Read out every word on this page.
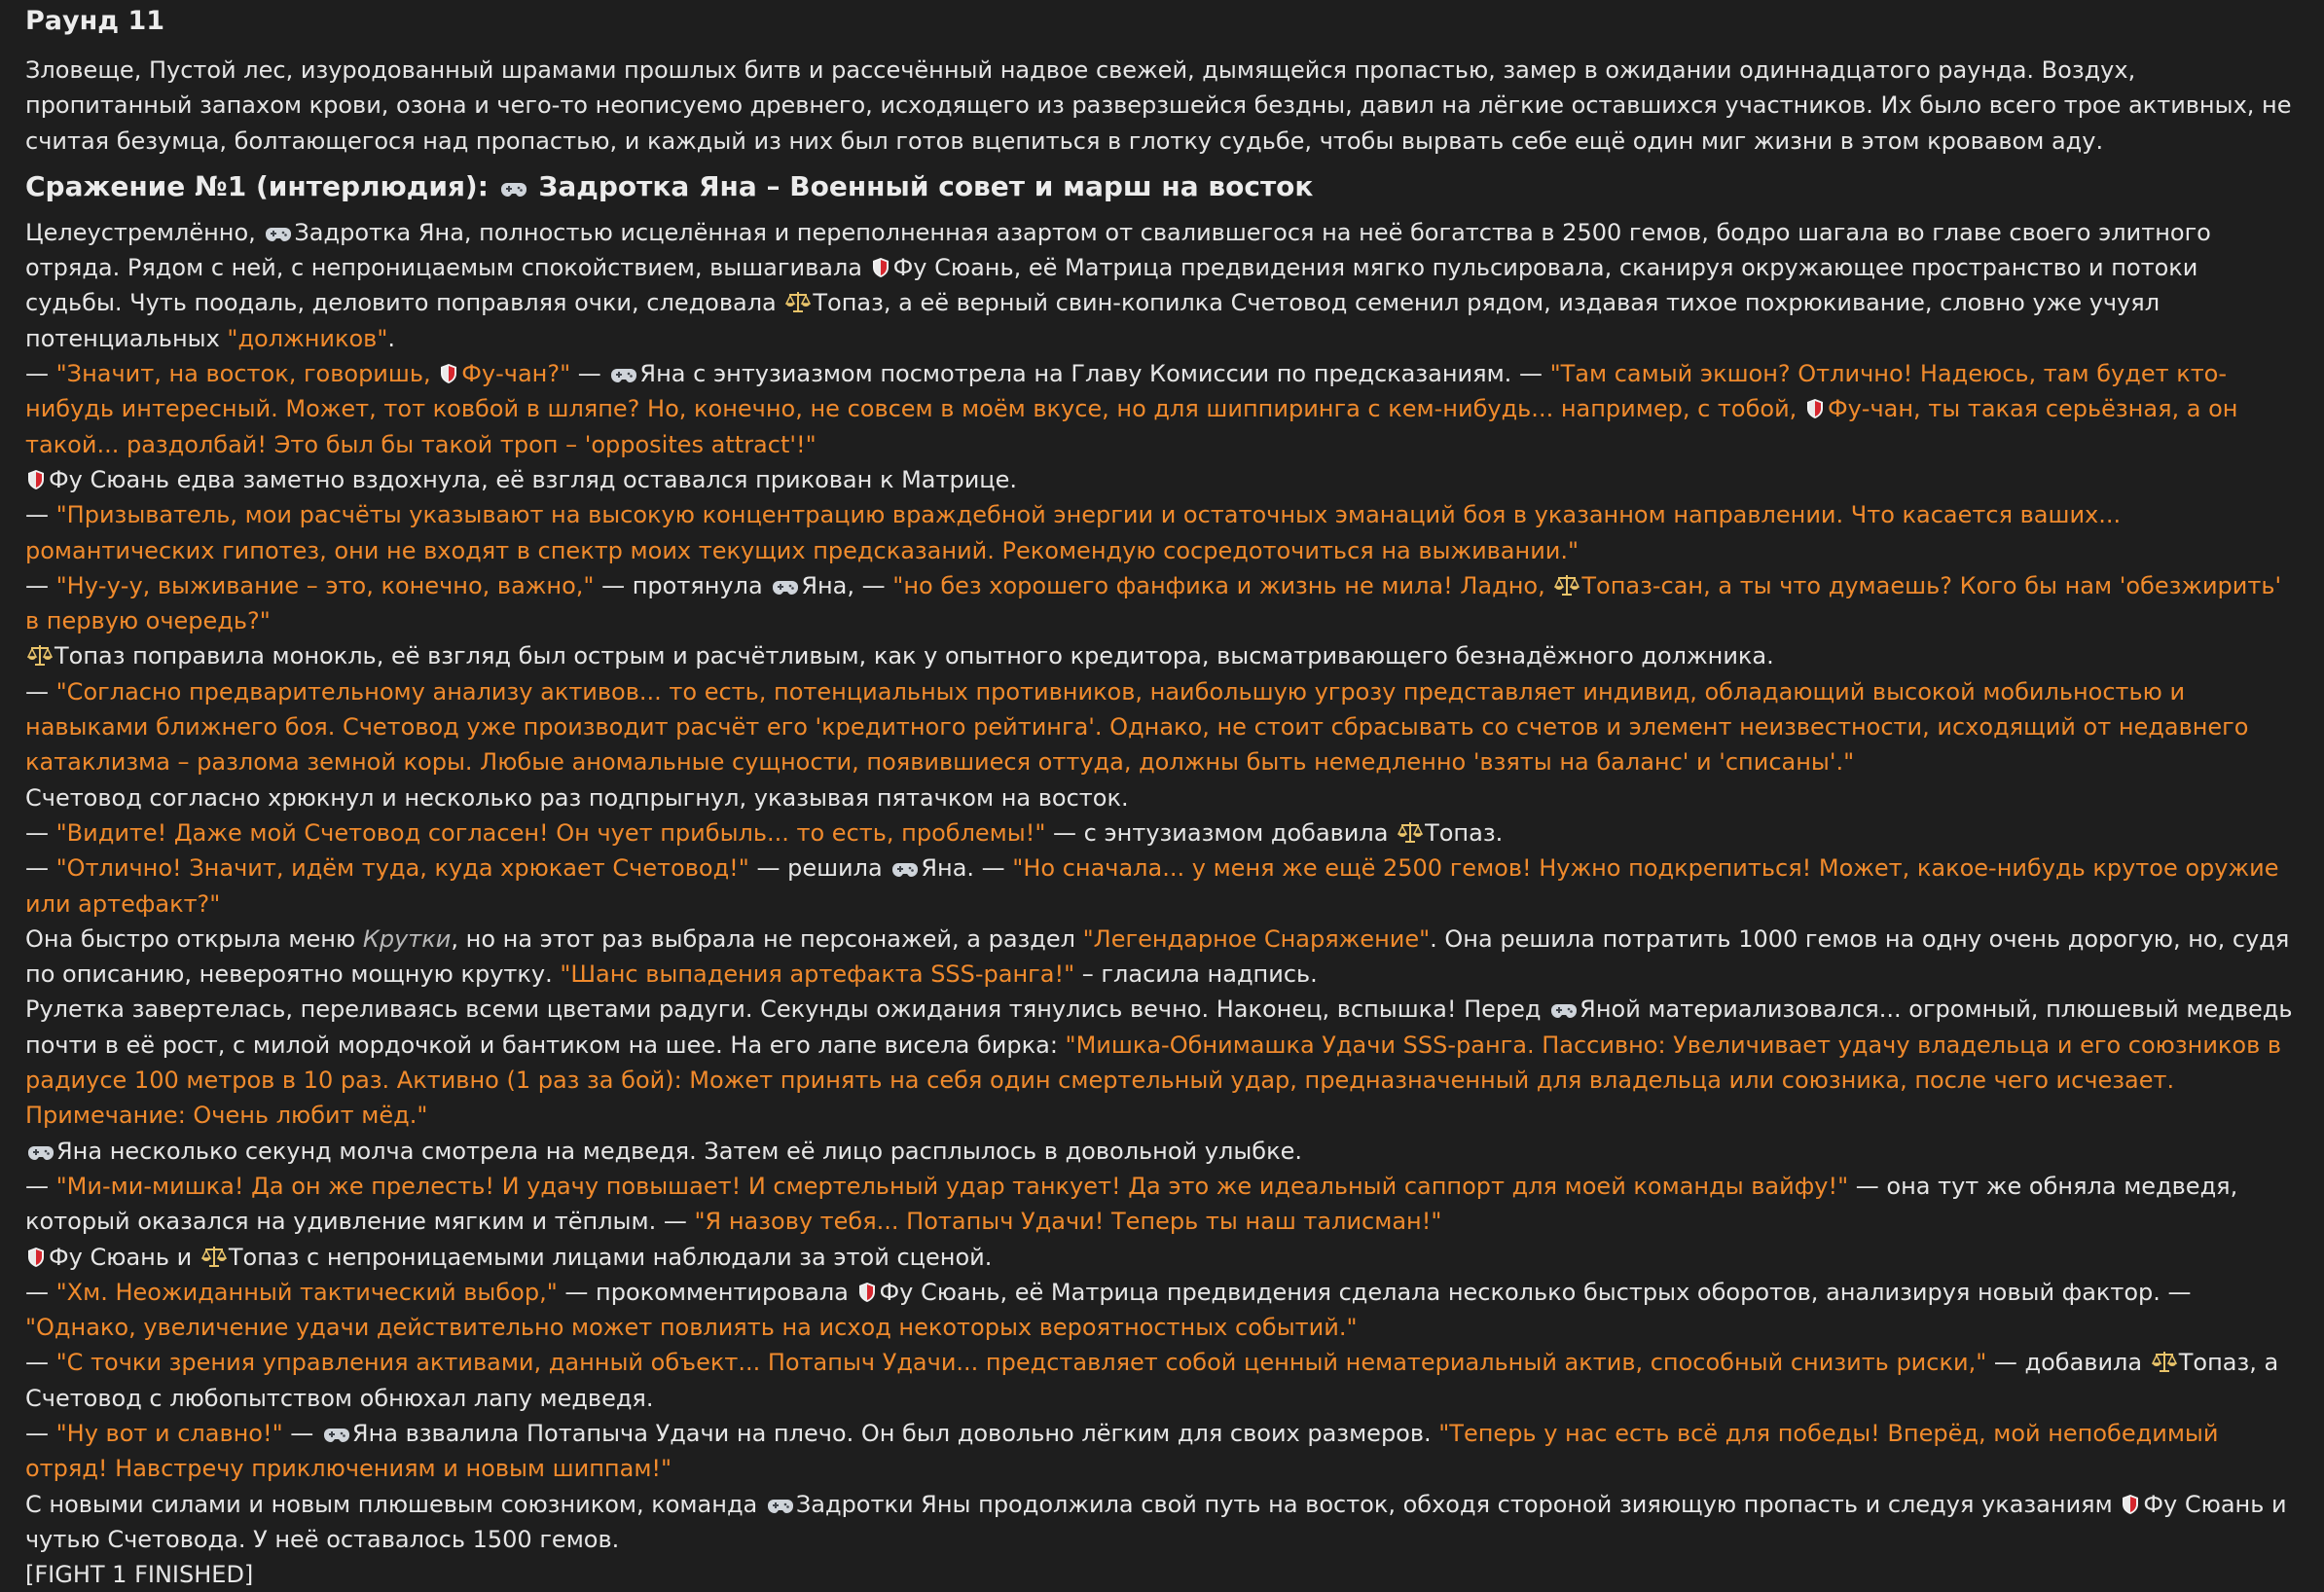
Раунд 11

Зловеще, Пустой лес, изуродованный шрамами прошлых битв и рассечённый надвое свежей, дымящейся пропастью, замер в ожидании одиннадцатого раунда. Воздух, пропитанный запахом крови, озона и чего-то неописуемо древнего, исходящего из разверзшейся бездны, давил на лёгкие оставшихся участников. Их было всего трое активных, не считая безумца, болтающегося над пропастью, и каждый из них был готов вцепиться в глотку судьбе, чтобы вырвать себе ещё один миг жизни в этом кровавом аду.

Сражение №1 (интерлюдия):
Задротка Яна – Военный совет и марш на восток

Целеустремлённо,
Задротка Яна, полностью исцелённая и переполненная азартом от свалившегося на неё богатства в 2500 гемов, бодро шагала во главе своего элитного отряда. Рядом с ней, с непроницаемым спокойствием, вышагивала
Фу Сюань, её Матрица предвидения мягко пульсировала, сканируя окружающее пространство и потоки судьбы. Чуть поодаль, деловито поправляя очки, следовала
Топаз, а её верный свин-копилка Счетовод семенил рядом, издавая тихое похрюкивание, словно уже учуял потенциальных "должников".

— "Значит, на восток, говоришь,
Фу-чан?" —
Яна с энтузиазмом посмотрела на Главу Комиссии по предсказаниям. — "Там самый экшон? Отлично! Надеюсь, там будет кто-нибудь интересный. Может, тот ковбой в шляпе? Но, конечно, не совсем в моём вкусе, но для шиппиринга с кем-нибудь... например, с тобой,
Фу-чан, ты такая серьёзная, а он такой... раздолбай! Это был бы такой троп – 'opposites attract'!"

Фу Сюань едва заметно вздохнула, её взгляд оставался прикован к Матрице.

— "Призыватель, мои расчёты указывают на высокую концентрацию враждебной энергии и остаточных эманаций боя в указанном направлении. Что касается ваших... романтических гипотез, они не входят в спектр моих текущих предсказаний. Рекомендую сосредоточиться на выживании."

— "Ну-у-у, выживание – это, конечно, важно," — протянула
Яна, — "но без хорошего фанфика и жизнь не мила! Ладно,
Топаз-сан, а ты что думаешь? Кого бы нам 'обезжирить' в первую очередь?"

Топаз поправила монокль, её взгляд был острым и расчётливым, как у опытного кредитора, высматривающего безнадёжного должника.

— "Согласно предварительному анализу активов... то есть, потенциальных противников, наибольшую угрозу представляет индивид, обладающий высокой мобильностью и навыками ближнего боя. Счетовод уже производит расчёт его 'кредитного рейтинга'. Однако, не стоит сбрасывать со счетов и элемент неизвестности, исходящий от недавнего катаклизма – разлома земной коры. Любые аномальные сущности, появившиеся оттуда, должны быть немедленно 'взяты на баланс' и 'списаны'."

Счетовод согласно хрюкнул и несколько раз подпрыгнул, указывая пятачком на восток.

— "Видите! Даже мой Счетовод согласен! Он чует прибыль... то есть, проблемы!" — с энтузиазмом добавила
Топаз.

— "Отлично! Значит, идём туда, куда хрюкает Счетовод!" — решила
Яна. — "Но сначала... у меня же ещё 2500 гемов! Нужно подкрепиться! Может, какое-нибудь крутое оружие или артефакт?"

Она быстро открыла меню Крутки, но на этот раз выбрала не персонажей, а раздел "Легендарное Снаряжение". Она решила потратить 1000 гемов на одну очень дорогую, но, судя по описанию, невероятно мощную крутку. "Шанс выпадения артефакта SSS-ранга!" – гласила надпись.

Рулетка завертелась, переливаясь всеми цветами радуги. Секунды ожидания тянулись вечно. Наконец, вспышка! Перед
Яной материализовался... огромный, плюшевый медведь почти в её рост, с милой мордочкой и бантиком на шее. На его лапе висела бирка: "Мишка-Обнимашка Удачи SSS-ранга. Пассивно: Увеличивает удачу владельца и его союзников в радиусе 100 метров в 10 раз. Активно (1 раз за бой): Может принять на себя один смертельный удар, предназначенный для владельца или союзника, после чего исчезает. Примечание: Очень любит мёд."

Яна несколько секунд молча смотрела на медведя. Затем её лицо расплылось в довольной улыбке.

— "Ми-ми-мишка! Да он же прелесть! И удачу повышает! И смертельный удар танкует! Да это же идеальный саппорт для моей команды вайфу!" — она тут же обняла медведя, который оказался на удивление мягким и тёплым. — "Я назову тебя... Потапыч Удачи! Теперь ты наш талисман!"

Фу Сюань и
Топаз с непроницаемыми лицами наблюдали за этой сценой.

— "Хм. Неожиданный тактический выбор," — прокомментировала
Фу Сюань, её Матрица предвидения сделала несколько быстрых оборотов, анализируя новый фактор. — "Однако, увеличение удачи действительно может повлиять на исход некоторых вероятностных событий."

— "С точки зрения управления активами, данный объект... Потапыч Удачи... представляет собой ценный нематериальный актив, способный снизить риски," — добавила
Топаз, а Счетовод с любопытством обнюхал лапу медведя.

— "Ну вот и славно!" —
Яна взвалила Потапыча Удачи на плечо. Он был довольно лёгким для своих размеров. "Теперь у нас есть всё для победы! Вперёд, мой непобедимый отряд! Навстречу приключениям и новым шиппам!"

С новыми силами и новым плюшевым союзником, команда
Задротки Яны продолжила свой путь на восток, обходя стороной зияющую пропасть и следуя указаниям
Фу Сюань и чутью Счетовода. У неё оставалось 1500 гемов.

[FIGHT 1 FINISHED]
